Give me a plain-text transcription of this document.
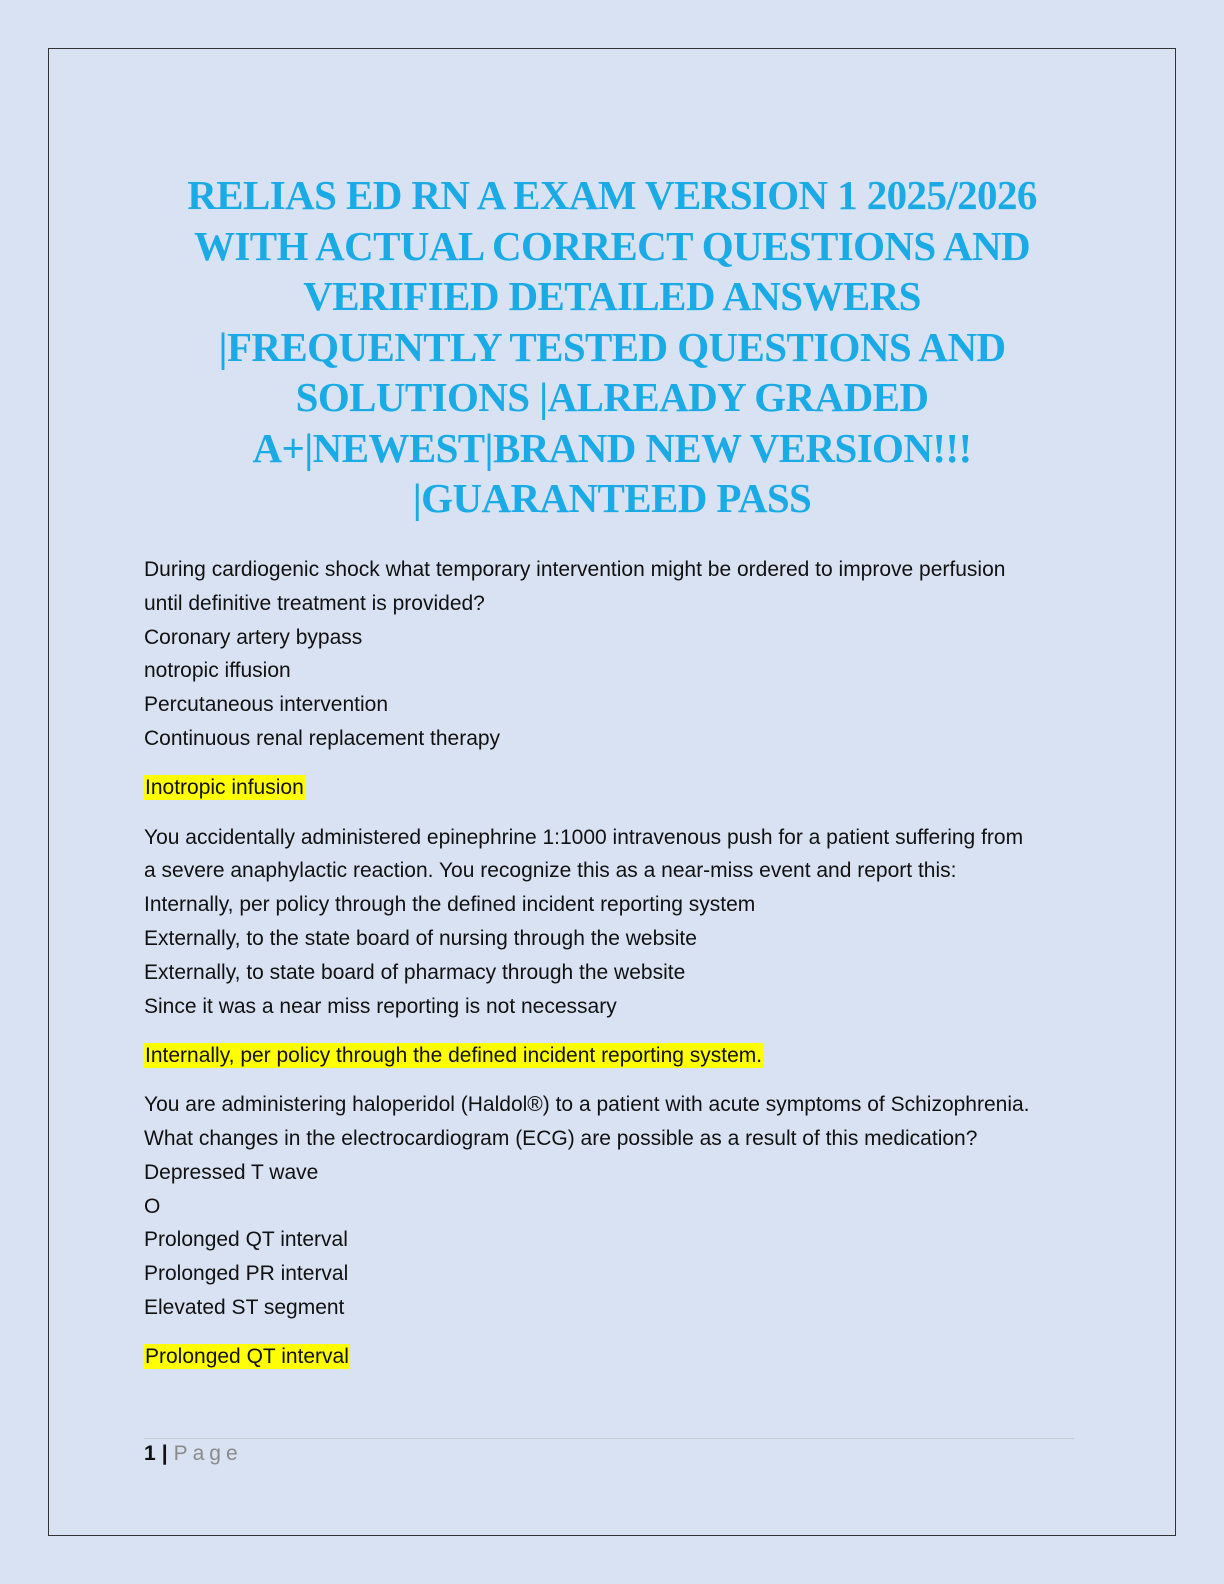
RELIAS ED RN A EXAM VERSION 1 2025/2026
WITH ACTUAL CORRECT QUESTIONS AND
VERIFIED DETAILED ANSWERS
|FREQUENTLY TESTED QUESTIONS AND
SOLUTIONS |ALREADY GRADED
A+|NEWEST|BRAND NEW VERSION!!!
|GUARANTEED PASS
During cardiogenic shock what temporary intervention might be ordered to improve perfusion
until definitive treatment is provided?
Coronary artery bypass
notropic iffusion
Percutaneous intervention
Continuous renal replacement therapy
Inotropic infusion
You accidentally administered epinephrine 1:1000 intravenous push for a patient suffering from
a severe anaphylactic reaction. You recognize this as a near-miss event and report this:
Internally, per policy through the defined incident reporting system
Externally, to the state board of nursing through the website
Externally, to state board of pharmacy through the website
Since it was a near miss reporting is not necessary
Internally, per policy through the defined incident reporting system.
You are administering haloperidol (Haldol®) to a patient with acute symptoms of Schizophrenia.
What changes in the electrocardiogram (ECG) are possible as a result of this medication?
Depressed T wave
O
Prolonged QT interval
Prolonged PR interval
Elevated ST segment
Prolonged QT interval
1 | Page
